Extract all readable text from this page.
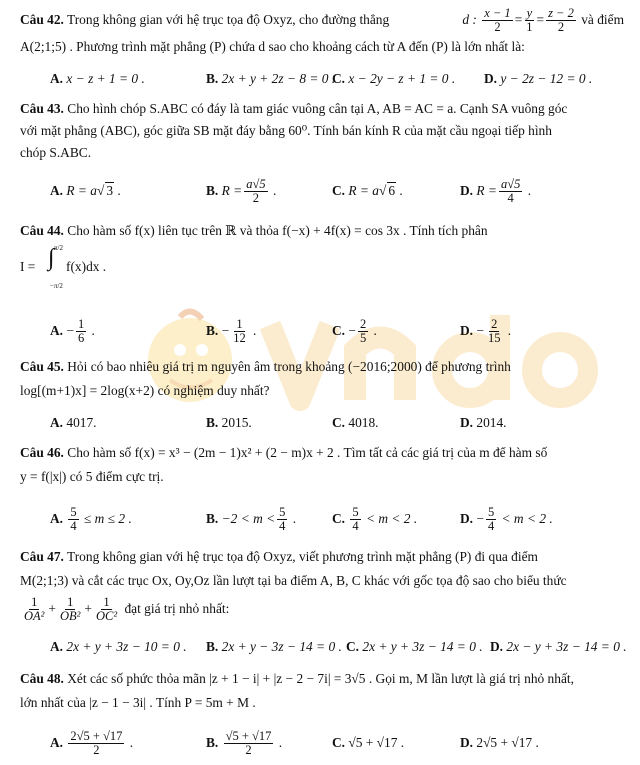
Câu 42. Trong không gian với hệ trục tọa độ Oxyz, cho đường thẳng	d : $\frac{x - 1}{2} = \frac{y}{1} = \frac{z - 2}{2}$ và điểm
A(2;1;5) . Phương trình mặt phẳng (P) chứa d sao cho khoảng cách từ A đến (P) là lớn nhất là:
A. x − z + 1 = 0 .	B. 2x + y + 2z − 8 = 0 .
C. x − 2y − z + 1 = 0 . D. y − 2z − 12 = 0 .
Câu 43. Cho hình chóp S.ABC có đáy là tam giác vuông cân tại A, AB = AC = a. Cạnh SA vuông góc
với mặt phẳng (ABC), góc giữa SB mặt đáy bằng 60⁰. Tính bán kính R của mặt cầu ngoại tiếp hình
chóp S.ABC.
A. R = a√ 3 .	B. $R = \frac{a√5}{2}$ .	C. R = a√ 6 .	D. $R = \frac{a√5}{4}$ .
Câu 44. Cho hàm số f(x) liên tục trên ℝ và thỏa f(−x) + 4f(x) = cos 3x . Tính tích phân
I = ∫ π/2
−π/2
f(x)dx .
A. − $\frac{1}{6}$ .	B. − $\frac{1}{12}$ .	C. − $\frac{2}{5}$ .	D. − $\frac{2}{15}$ .
Câu 45. Hỏi có bao nhiêu giá trị m nguyên âm trong khoảng (−2016;2000) để phương trình
log[(m+1)x] = 2log(x+2) có nghiệm duy nhất?
A. 4017.	B. 2015.	C. 4018.	D. 2014.
Câu 46. Cho hàm số f(x) = x³ − (2m − 1)x² + (2 − m)x + 2 . Tìm tất cả các giá trị của m để hàm số
y = f(|x|) có 5 điểm cực trị.
A. $\frac{5}{4} \le m \le 2$ .	B. $-2 < m < \frac{5}{4}$ .	C. $\frac{5}{4} < m < 2$ .	D. − $\frac{5}{4} < m < 2$ .
Câu 47. Trong không gian với hệ trục tọa độ Oxyz, viết phương trình mặt phẳng (P) đi qua điểm
M(2;1;3) và cắt các trục Ox, Oy,Oz lần lượt tại ba điểm A, B, C khác với gốc tọa độ sao cho biểu thức
$\frac{1}{\text{OA²}} + \frac{1}{\text{OB²}} + \frac{1}{\text{OC²}}$ đạt giá trị nhỏ nhất:
A. 2x + y + 3z − 10 = 0 . B. 2x + y − 3z − 14 = 0 . C. 2x + y + 3z − 14 = 0 . D. 2x − y + 3z − 14 = 0 .
Câu 48. Xét các số phức thỏa mãn |z + 1 − i| + |z − 2 − 7i| = 3√5 . Gọi m, M lần lượt là giá trị nhỏ nhất,
lớn nhất của |z − 1 − 3i| . Tính P = 5m + M .
A. $\frac{2√5 + √17}{2}$ .	B. $\frac{√5 + √17}{2}$ .	C. √5 + √17 .	D. 2√5 + √17 .
